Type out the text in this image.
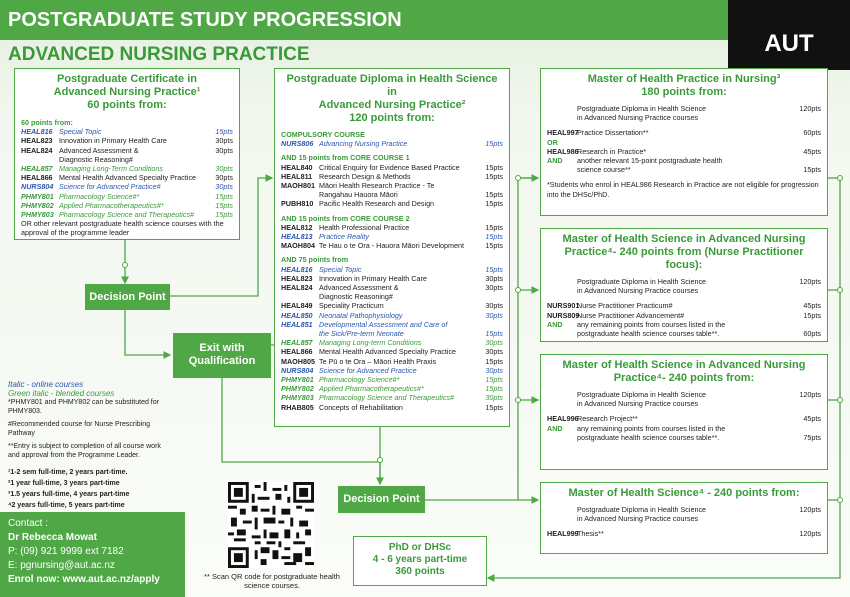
POSTGRADUATE STUDY PROGRESSION
AUT
ADVANCED NURSING PRACTICE
Postgraduate Certificate in
Advanced Nursing Practice¹
60 points from:
60 points from:
HEAL816 Special Topic	15pts
HEAL823 Innovation in Primary Health Care	30pts
HEAL824 Advanced Assessment &	30pts
Diagnostic Reasoning#
HEAL857 Managing Long-Term Conditions	30pts
HEAL866 Mental Health Advanced Specialty Practice	30pts
NURS804 Science for Advanced Practice#	30pts
PHMY801 Pharmacology Science#*	15pts
PHMY802 Applied Pharmacotherapeutics#*	15pts
PHMY803 Pharmacology Science and Therapeutics#	15pts
OR other relevant postgraduate health science courses with the approval of the programme leader
Postgraduate Diploma in Health Science in
Advanced Nursing Practice²
120 points from:
COMPULSORY COURSE
NURS806 Advancing Nursing Practice	15pts
AND 15 points from CORE COURSE 1
HEAL840 Critical Enquiry for Evidence Based Practice	15pts
HEAL811 Research Design & Methods	15pts
MAOH801 Māori Health Research Practice - Te
Rangahau Hauora Māori	15pts
PUBH810 Pacific Health Research and Design	15pts
AND 15 points from CORE COURSE 2
HEAL812 Health Professional Practice	15pts
HEAL813 Practice Reality	15pts
MAOH804 Te Hau o te Ora - Hauora Māori Development	15pts
AND 75 points from
HEAL816 Special Topic	15pts
HEAL823 Innovation in Primary Health Care	30pts
HEAL824 Advanced Assessment &	30pts
Diagnostic Reasoning#
HEAL849 Speciality Practicum	30pts
HEAL850 Neonatal Pathophysiology	30pts
HEAL851 Developmental Assessment and Care of
the Sick/Pre-term Neonate	15pts
HEAL857 Managing Long-term Conditions	30pts
HEAL866 Mental Health Advanced Specialty Practice	30pts
MAOH805 Te Pū o te Ora – Māori Health Praxis	15pts
NURS804 Science for Advanced Practice	30pts
PHMY801 Pharmacology Science#*	15pts
PHMY802 Applied Pharmacotherapeutics#*	15pts
PHMY803 Pharmacology Science and Therapeutics#	30pts
RHAB805 Concepts of Rehabilitation	15pts
Master of Health Practice in Nursing³
180 points from:
Postgraduate Diploma in Health Science	120pts
in Advanced Nursing Practice courses
HEAL997
Practice Dissertation**	60pts
OR
HEAL986
Research in Practice*	45pts
AND	another relevant 15-point postgraduate health
science course**	15pts
*Students who enrol in HEAL986 Research in Practice are not eligible for progression into the DHSc/PhD.
Master of Health Science in Advanced Nursing
Practice⁴- 240 points from (Nurse Practitioner focus):
Postgraduate Diploma in Health Science	120pts
in Advanced Nursing Practice courses
NURS901
Nurse Practitioner Practicum#	45pts
NURS809
Nurse Practitioner Advancement#	15pts
AND	any remaining points from courses listed in the
postgraduate health science courses table**.	60pts
Master of Health Science in Advanced Nursing
Practice⁴- 240 points from:
Postgraduate Diploma in Health Science	120pts
in Advanced Nursing Practice courses
HEAL996
Research Project**	45pts
AND	any remaining points from courses listed in the
postgraduate health science courses table**.	75pts
Master of Health Science⁴ - 240 points from:
Postgraduate Diploma in Health Science	120pts
in Advanced Nursing Practice courses
HEAL999
Thesis**	120pts
PhD or DHSc
4 - 6 years part-time
360 points
Decision Point
Exit with
Qualification
Decision Point
Italic - online courses
Green italic - blended courses
*PHMY801 and PHMY802 can be substituted for PHMY803.
#Recommended course for Nurse Prescribing Pathway
**Entry is subject to completion of all course work and approval from the Programme Leader.
¹1-2 sem full-time, 2 years part-time.
²1 year full-time, 3 years part-time
³1.5 years full-time, 4 years part-time
⁴2 years full-time, 5 years part-time
Contact :
Dr Rebecca Mowat
P: (09) 921 9999 ext 7182
E: pgnursing@aut.ac.nz
Enrol now: www.aut.ac.nz/apply	** Scan QR code for postgraduate health science courses.
